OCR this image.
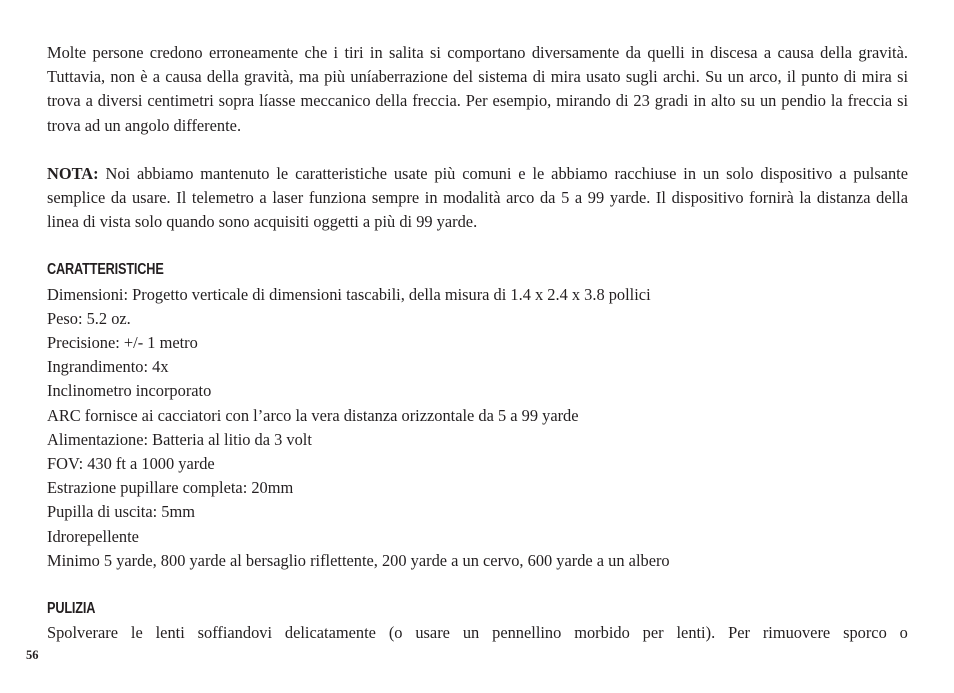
Molte persone credono erroneamente che i tiri in salita si comportano diversamente da quelli in discesa a causa della gravità. Tuttavia, non è a causa della gravità, ma più uníaberrazione del sistema di mira usato sugli archi. Su un arco, il punto di mira si trova a diversi centimetri sopra líasse meccanico della freccia. Per esempio, mirando di 23 gradi in alto su un pendio la freccia si trova ad un angolo differente.

NOTA: Noi abbiamo mantenuto le caratteristiche usate più comuni e le abbiamo racchiuse in un solo dispositivo a pulsante semplice da usare. Il telemetro a laser funziona sempre in modalità arco da 5 a 99 yarde. Il dispositivo fornirà la distanza della linea di vista solo quando sono acquisiti oggetti a più di 99 yarde.

CARATTERISTICHE
Dimensioni: Progetto verticale di dimensioni tascabili, della misura di 1.4 x 2.4 x 3.8 pollici
Peso: 5.2 oz.
Precisione: +/- 1 metro
Ingrandimento: 4x
Inclinometro incorporato
ARC fornisce ai cacciatori con l’arco la vera distanza orizzontale da 5 a 99 yarde
Alimentazione: Batteria al litio da 3 volt
FOV: 430 ft a 1000 yarde
Estrazione pupillare completa: 20mm
Pupilla di uscita: 5mm
Idrorepellente
Minimo 5 yarde, 800 yarde al bersaglio riflettente, 200 yarde a un cervo, 600 yarde a un albero
PULIZIA

Spolverare le lenti soffiandovi delicatamente (o usare un pennellino morbido per lenti). Per rimuovere sporco o

56
